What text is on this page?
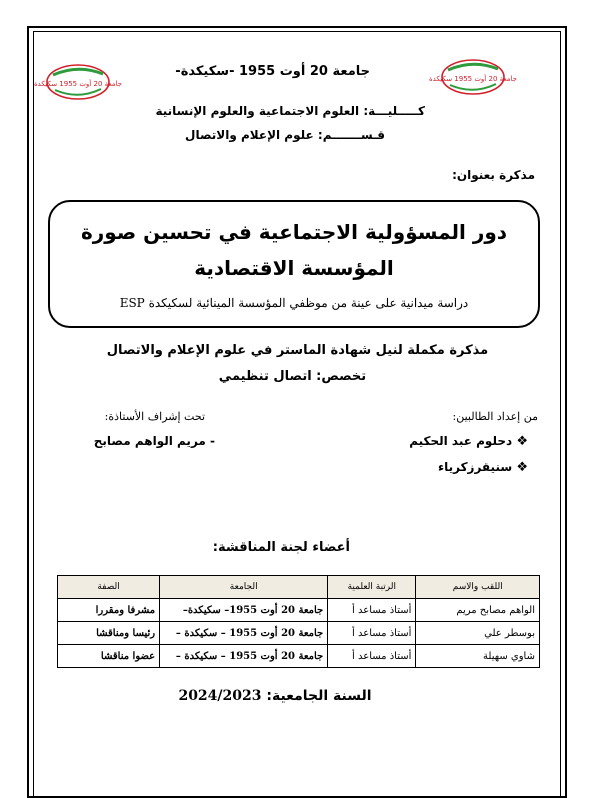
جامعة 20 أوت 1955 سكيكدة
جامعة 20 أوت 1955 سكيكدة
جامعة 20 أوت 1955 -سكيكدة-
كـــــليـــة: العلوم الاجتماعية والعلوم الإنسانية
قـســـــــم: علوم الإعلام والاتصال
مذكرة بعنوان:
دور المسؤولية الاجتماعية في تحسين صورة المؤسسة الاقتصادية
دراسة ميدانية على عينة من موظفي المؤسسة المينائية لسكيكدة ESP
مذكرة مكملة لنيل شهادة الماستر في علوم الإعلام والاتصال
تخصص: اتصال تنظيمي
من إعداد الطالبين:
تحت إشراف الأستاذة:
❖ دحلوم عبد الحكيم
❖ سنيقرزكرياء
- مريم الواهم مصابح
أعضاء لجنة المناقشة:
اللقب والاسم	الرتبة العلمية	الجامعة	الصفة
الواهم مصابح مريم	أستاذ مساعد أ	جامعة 20 أوت 1955– سكيكدة–	مشرفا ومقررا
بوسطر علي	أستاذ مساعد أ	جامعة 20 أوت 1955 – سكيكدة –	رئيسا ومناقشا
شاوي سهيلة	أستاذ مساعد أ	جامعة 20 أوت 1955 – سكيكدة –	عضوا مناقشا
السنة الجامعية: 2024/2023
